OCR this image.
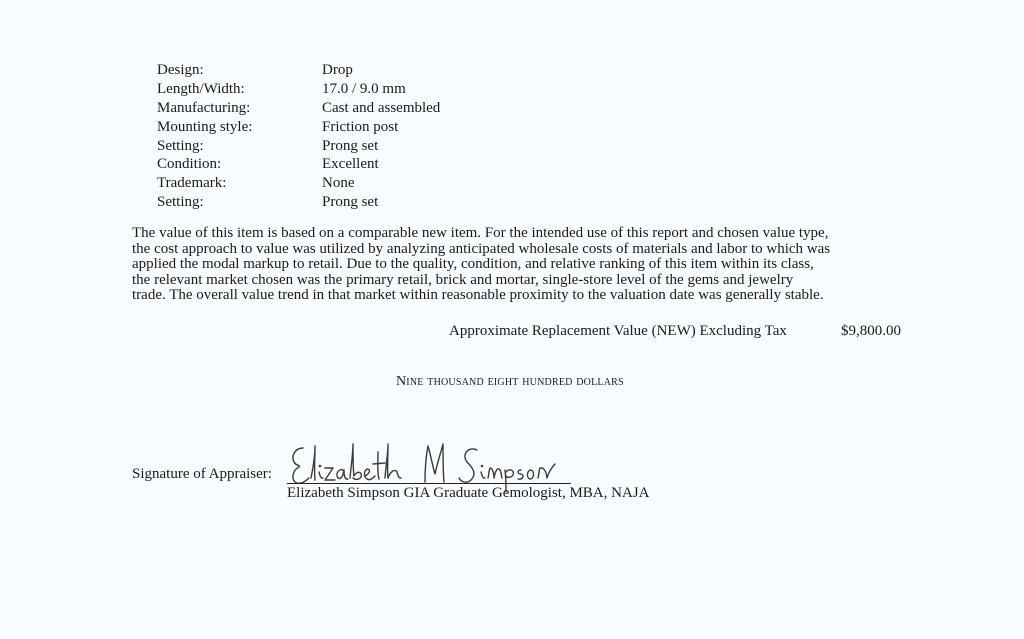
Design:	Drop
Length/Width:	17.0 / 9.0 mm
Manufacturing:	Cast and assembled
Mounting style:	Friction post
Setting:	Prong set
Condition:	Excellent
Trademark:	None
Setting:	Prong set

The value of this item is based on a comparable new item. For the intended use of this report and chosen value type,
the cost approach to value was utilized by analyzing anticipated wholesale costs of materials and labor to which was
applied the modal markup to retail. Due to the quality, condition, and relative ranking of this item within its class,
the relevant market chosen was the primary retail, brick and mortar, single-store level of the gems and jewelry
trade. The overall value trend in that market within reasonable proximity to the valuation date was generally stable.

Approximate Replacement Value (NEW) Excluding Tax	$9,800.00
Nine thousand eight hundred dollars
Signature of Appraiser:
Elizabeth Simpson GIA Graduate Gemologist, MBA, NAJA
